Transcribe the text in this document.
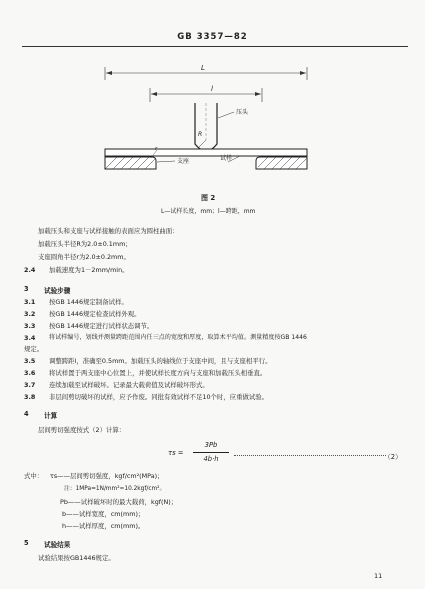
GB 3357—82
L
l
R
压头
r
支座	试样
图 2
L—试样长度，mm；l—跨距，mm
加载压头和支座与试样接触的表面应为圆柱曲面：
加载压头半径R为2.0±0.1mm；
支座圆角半径r为2.0±0.2mm。
2.4 加载速度为1－2mm/min。
3 试验步骤
3.1 按GB 1446规定制备试样。
3.2 按GB 1446规定检查试样外观。
3.3 按GB 1446规定进行试样状态调节。
3.4 将试样编号，划线并测量跨距范围内任三点的宽度和厚度，取算术平均值。测量精度按GB 1446
规定。
3.5 调整跨距l，准确至0.5mm。加载压头的轴线位于支座中间，且与支座相平行。
3.6 将试样置于两支座中心位置上，并使试样长度方向与支座和加载压头相垂直。
3.7 连续加载至试样破坏。记录最大载荷值及试样破坏形式。
3.8 非层间剪切破坏的试样，应予作废。同批有效试样不足10个时，应重做试验。
4 计算
层间剪切强度按式（2）计算：
τs =
3Pb
4b·h	（2）
式中： τs——层间剪切强度，kgf/cm²(MPa)；
注：1MPa=1N/mm²≈10.2kgf/cm²。
Pb——试样破坏时的最大载荷，kgf(N)；
b——试样宽度，cm(mm)；
h——试样厚度，cm(mm)。
5 试验结果
试验结果按GB1446规定。
11
